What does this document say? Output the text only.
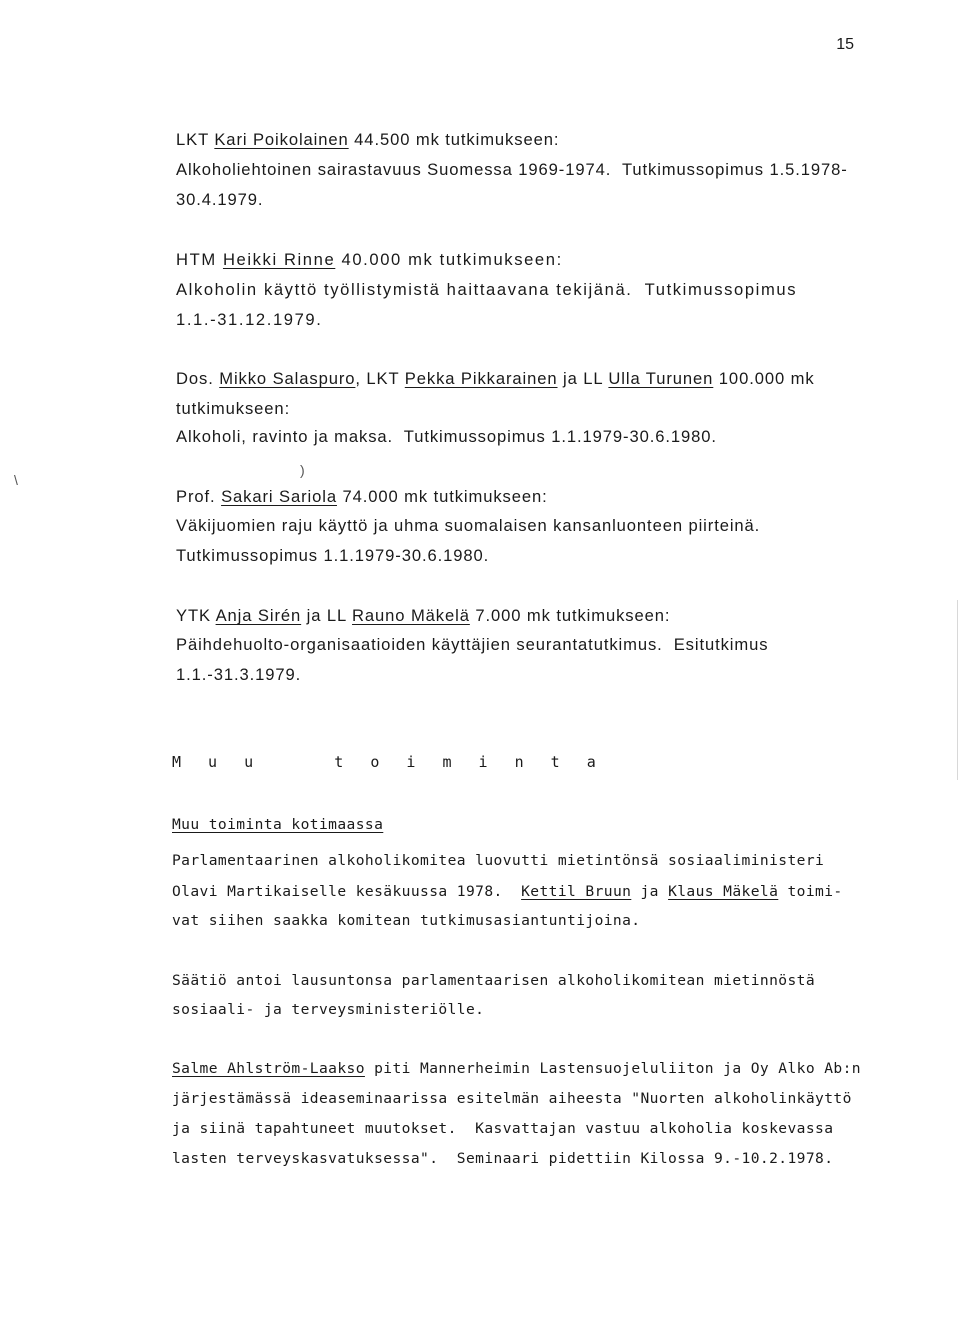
15
)
\
LKT Kari Poikolainen 44.500 mk tutkimukseen:
Alkoholiehtoinen sairastavuus Suomessa 1969-1974.  Tutkimussopimus 1.5.1978-
30.4.1979.
HTM Heikki Rinne 40.000 mk tutkimukseen:
Alkoholin käyttö työllistymistä haittaavana tekijänä.  Tutkimussopimus
1.1.-31.12.1979.
Dos. Mikko Salaspuro, LKT Pekka Pikkarainen ja LL Ulla Turunen 100.000 mk
tutkimukseen:
Alkoholi, ravinto ja maksa.  Tutkimussopimus 1.1.1979-30.6.1980.
Prof. Sakari Sariola 74.000 mk tutkimukseen:
Väkijuomien raju käyttö ja uhma suomalaisen kansanluonteen piirteinä.
Tutkimussopimus 1.1.1979-30.6.1980.
YTK Anja Sirén ja LL Rauno Mäkelä 7.000 mk tutkimukseen:
Päihdehuolto-organisaatioiden käyttäjien seurantatutkimus.  Esitutkimus
1.1.-31.3.1979.
M u u    t o i m i n t a
Muu toiminta kotimaassa
Parlamentaarinen alkoholikomitea luovutti mietintönsä sosiaaliministeri
Olavi Martikaiselle kesäkuussa 1978.  Kettil Bruun ja Klaus Mäkelä toimi-
vat siihen saakka komitean tutkimusasiantuntijoina.
Säätiö antoi lausuntonsa parlamentaarisen alkoholikomitean mietinnöstä
sosiaali- ja terveysministeriölle.
Salme Ahlström-Laakso piti Mannerheimin Lastensuojeluliiton ja Oy Alko Ab:n
järjestämässä ideaseminaarissa esitelmän aiheesta "Nuorten alkoholinkäyttö
ja siinä tapahtuneet muutokset.  Kasvattajan vastuu alkoholia koskevassa
lasten terveyskasvatuksessa".  Seminaari pidettiin Kilossa 9.-10.2.1978.
